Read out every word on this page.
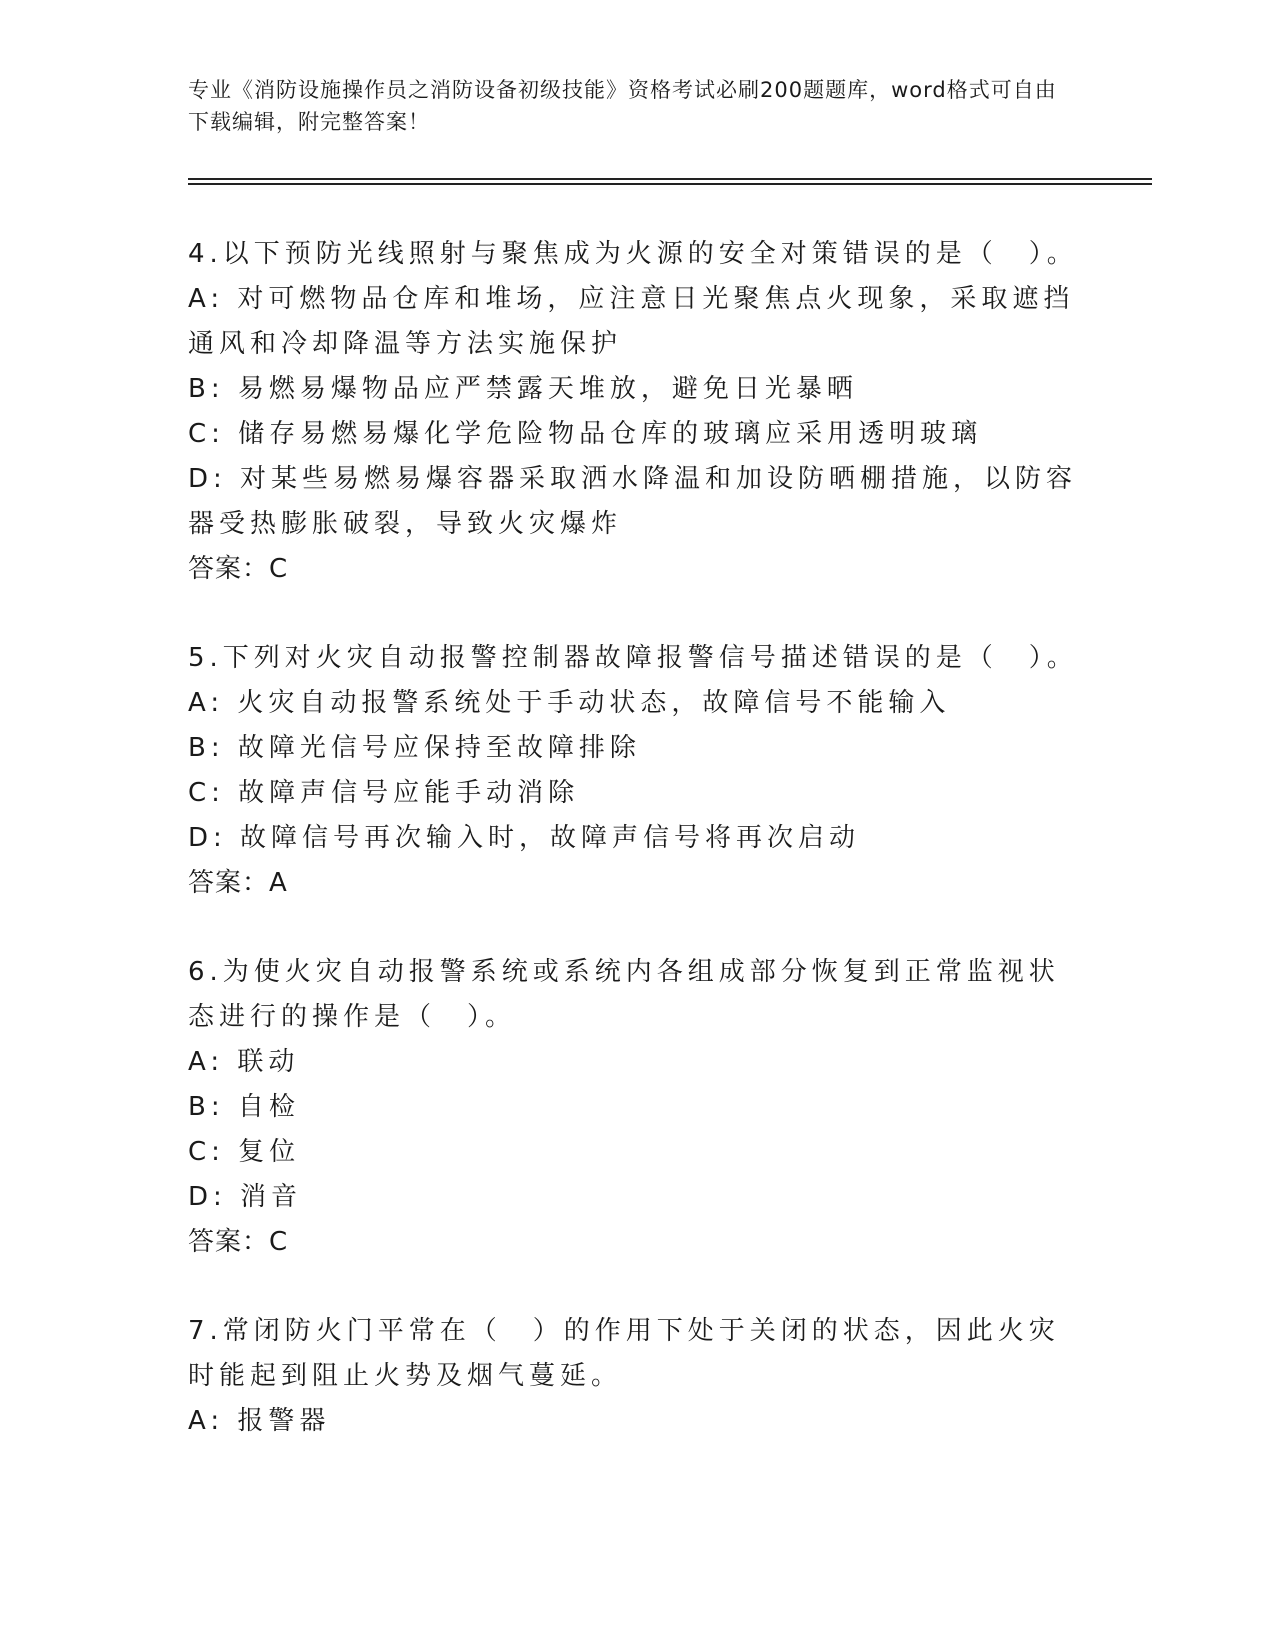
专业《消防设施操作员之消防设备初级技能》资格考试必刷200题题库，word格式可自由下载编辑，附完整答案！

4.以下预防光线照射与聚焦成为火源的安全对策错误的是（　）。

A: 对可燃物品仓库和堆场，应注意日光聚焦点火现象，采取遮挡通风和冷却降温等方法实施保护

B: 易燃易爆物品应严禁露天堆放，避免日光暴晒

C: 储存易燃易爆化学危险物品仓库的玻璃应采用透明玻璃

D: 对某些易燃易爆容器采取洒水降温和加设防晒棚措施，以防容器受热膨胀破裂，导致火灾爆炸

答案：C

5.下列对火灾自动报警控制器故障报警信号描述错误的是（　）。

A: 火灾自动报警系统处于手动状态，故障信号不能输入

B: 故障光信号应保持至故障排除

C: 故障声信号应能手动消除

D: 故障信号再次输入时，故障声信号将再次启动

答案：A

6.为使火灾自动报警系统或系统内各组成部分恢复到正常监视状态进行的操作是（　）。

A: 联动

B: 自检

C: 复位

D: 消音

答案：C

7.常闭防火门平常在（　）的作用下处于关闭的状态，因此火灾时能起到阻止火势及烟气蔓延。

A: 报警器
